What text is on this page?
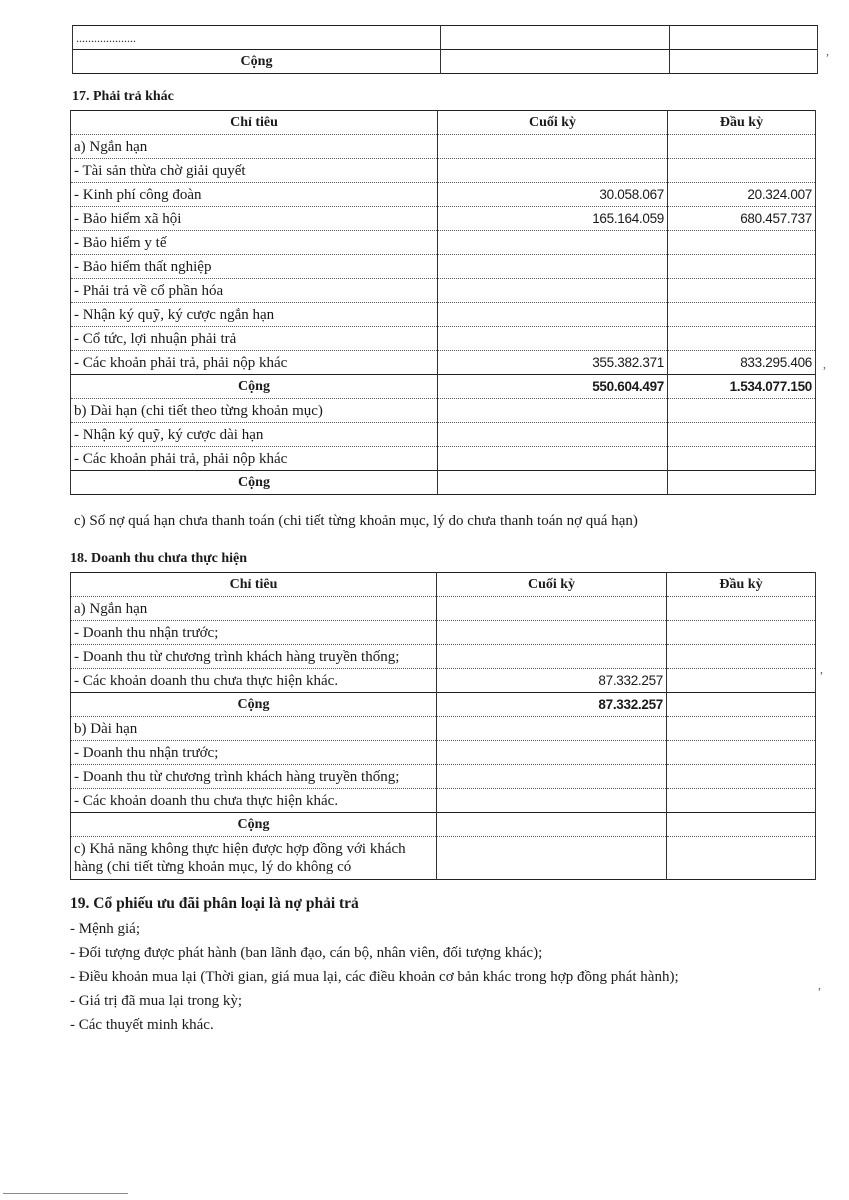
....................		
Cộng		
17. Phải trả khác
Chỉ tiêu	Cuối kỳ	Đầu kỳ
a) Ngắn hạn		
- Tài sản thừa chờ giải quyết		
- Kinh phí công đoàn	30.058.067	20.324.007
- Bảo hiểm xã hội	165.164.059	680.457.737
- Bảo hiểm y tế		
- Bảo hiểm thất nghiệp		
- Phải trả về cổ phần hóa		
- Nhận ký quỹ, ký cược ngắn hạn		
- Cổ tức, lợi nhuận phải trả		
- Các khoản phải trả, phải nộp khác	355.382.371	833.295.406
Cộng	550.604.497	1.534.077.150
b) Dài hạn (chi tiết theo từng khoản mục)		
- Nhận ký quỹ, ký cược dài hạn		
- Các khoản phải trả, phải nộp khác		
Cộng		
c) Số nợ quá hạn chưa thanh toán (chi tiết từng khoản mục, lý do chưa thanh toán nợ quá hạn)
18. Doanh thu chưa thực hiện
Chỉ tiêu	Cuối kỳ	Đầu kỳ
a) Ngắn hạn		
- Doanh thu nhận trước;		
- Doanh thu từ chương trình khách hàng truyền thống;		
- Các khoản doanh thu chưa thực hiện khác.	87.332.257	
Cộng	87.332.257	
b) Dài hạn		
- Doanh thu nhận trước;		
- Doanh thu từ chương trình khách hàng truyền thống;		
- Các khoản doanh thu chưa thực hiện khác.		
Cộng		
c) Khả năng không thực hiện được hợp đồng với khách hàng (chi tiết từng khoản mục, lý do không có		
19. Cổ phiếu ưu đãi phân loại là nợ phải trả
- Mệnh giá;
- Đối tượng được phát hành (ban lãnh đạo, cán bộ, nhân viên, đối tượng khác);
- Điều khoản mua lại (Thời gian, giá mua lại, các điều khoản cơ bản khác trong hợp đồng phát hành);
- Giá trị đã mua lại trong kỳ;
- Các thuyết minh khác.
,
,
,
,
